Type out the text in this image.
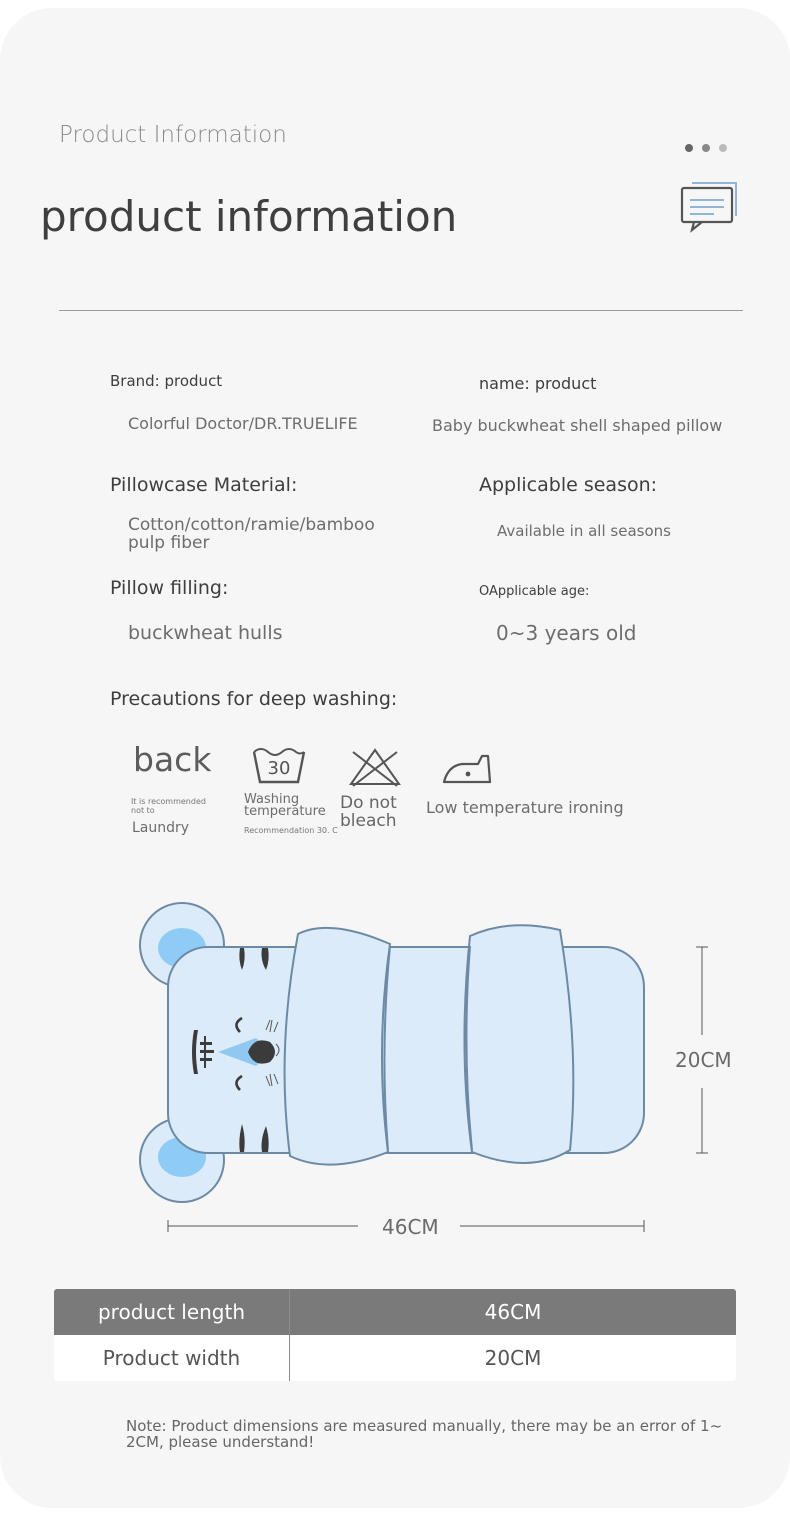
Product Information
product information
Brand: product
Colorful Doctor/DR.TRUELIFE
name: product
Baby buckwheat shell shaped pillow
Pillowcase Material:
Cotton/cotton/ramie/bamboo
pulp fiber
Applicable season:
Available in all seasons
Pillow filling:
buckwheat hulls
OApplicable age:
0~3 years old
Precautions for deep washing:
back
It is recommended
not to
Laundry
30
Washing
temperature
Recommendation 30. C
Do not
bleach
Low temperature ironing
20CM
46CM
product length	46CM
Product width	20CM
Note: Product dimensions are measured manually, there may be an error of 1~
2CM, please understand!
